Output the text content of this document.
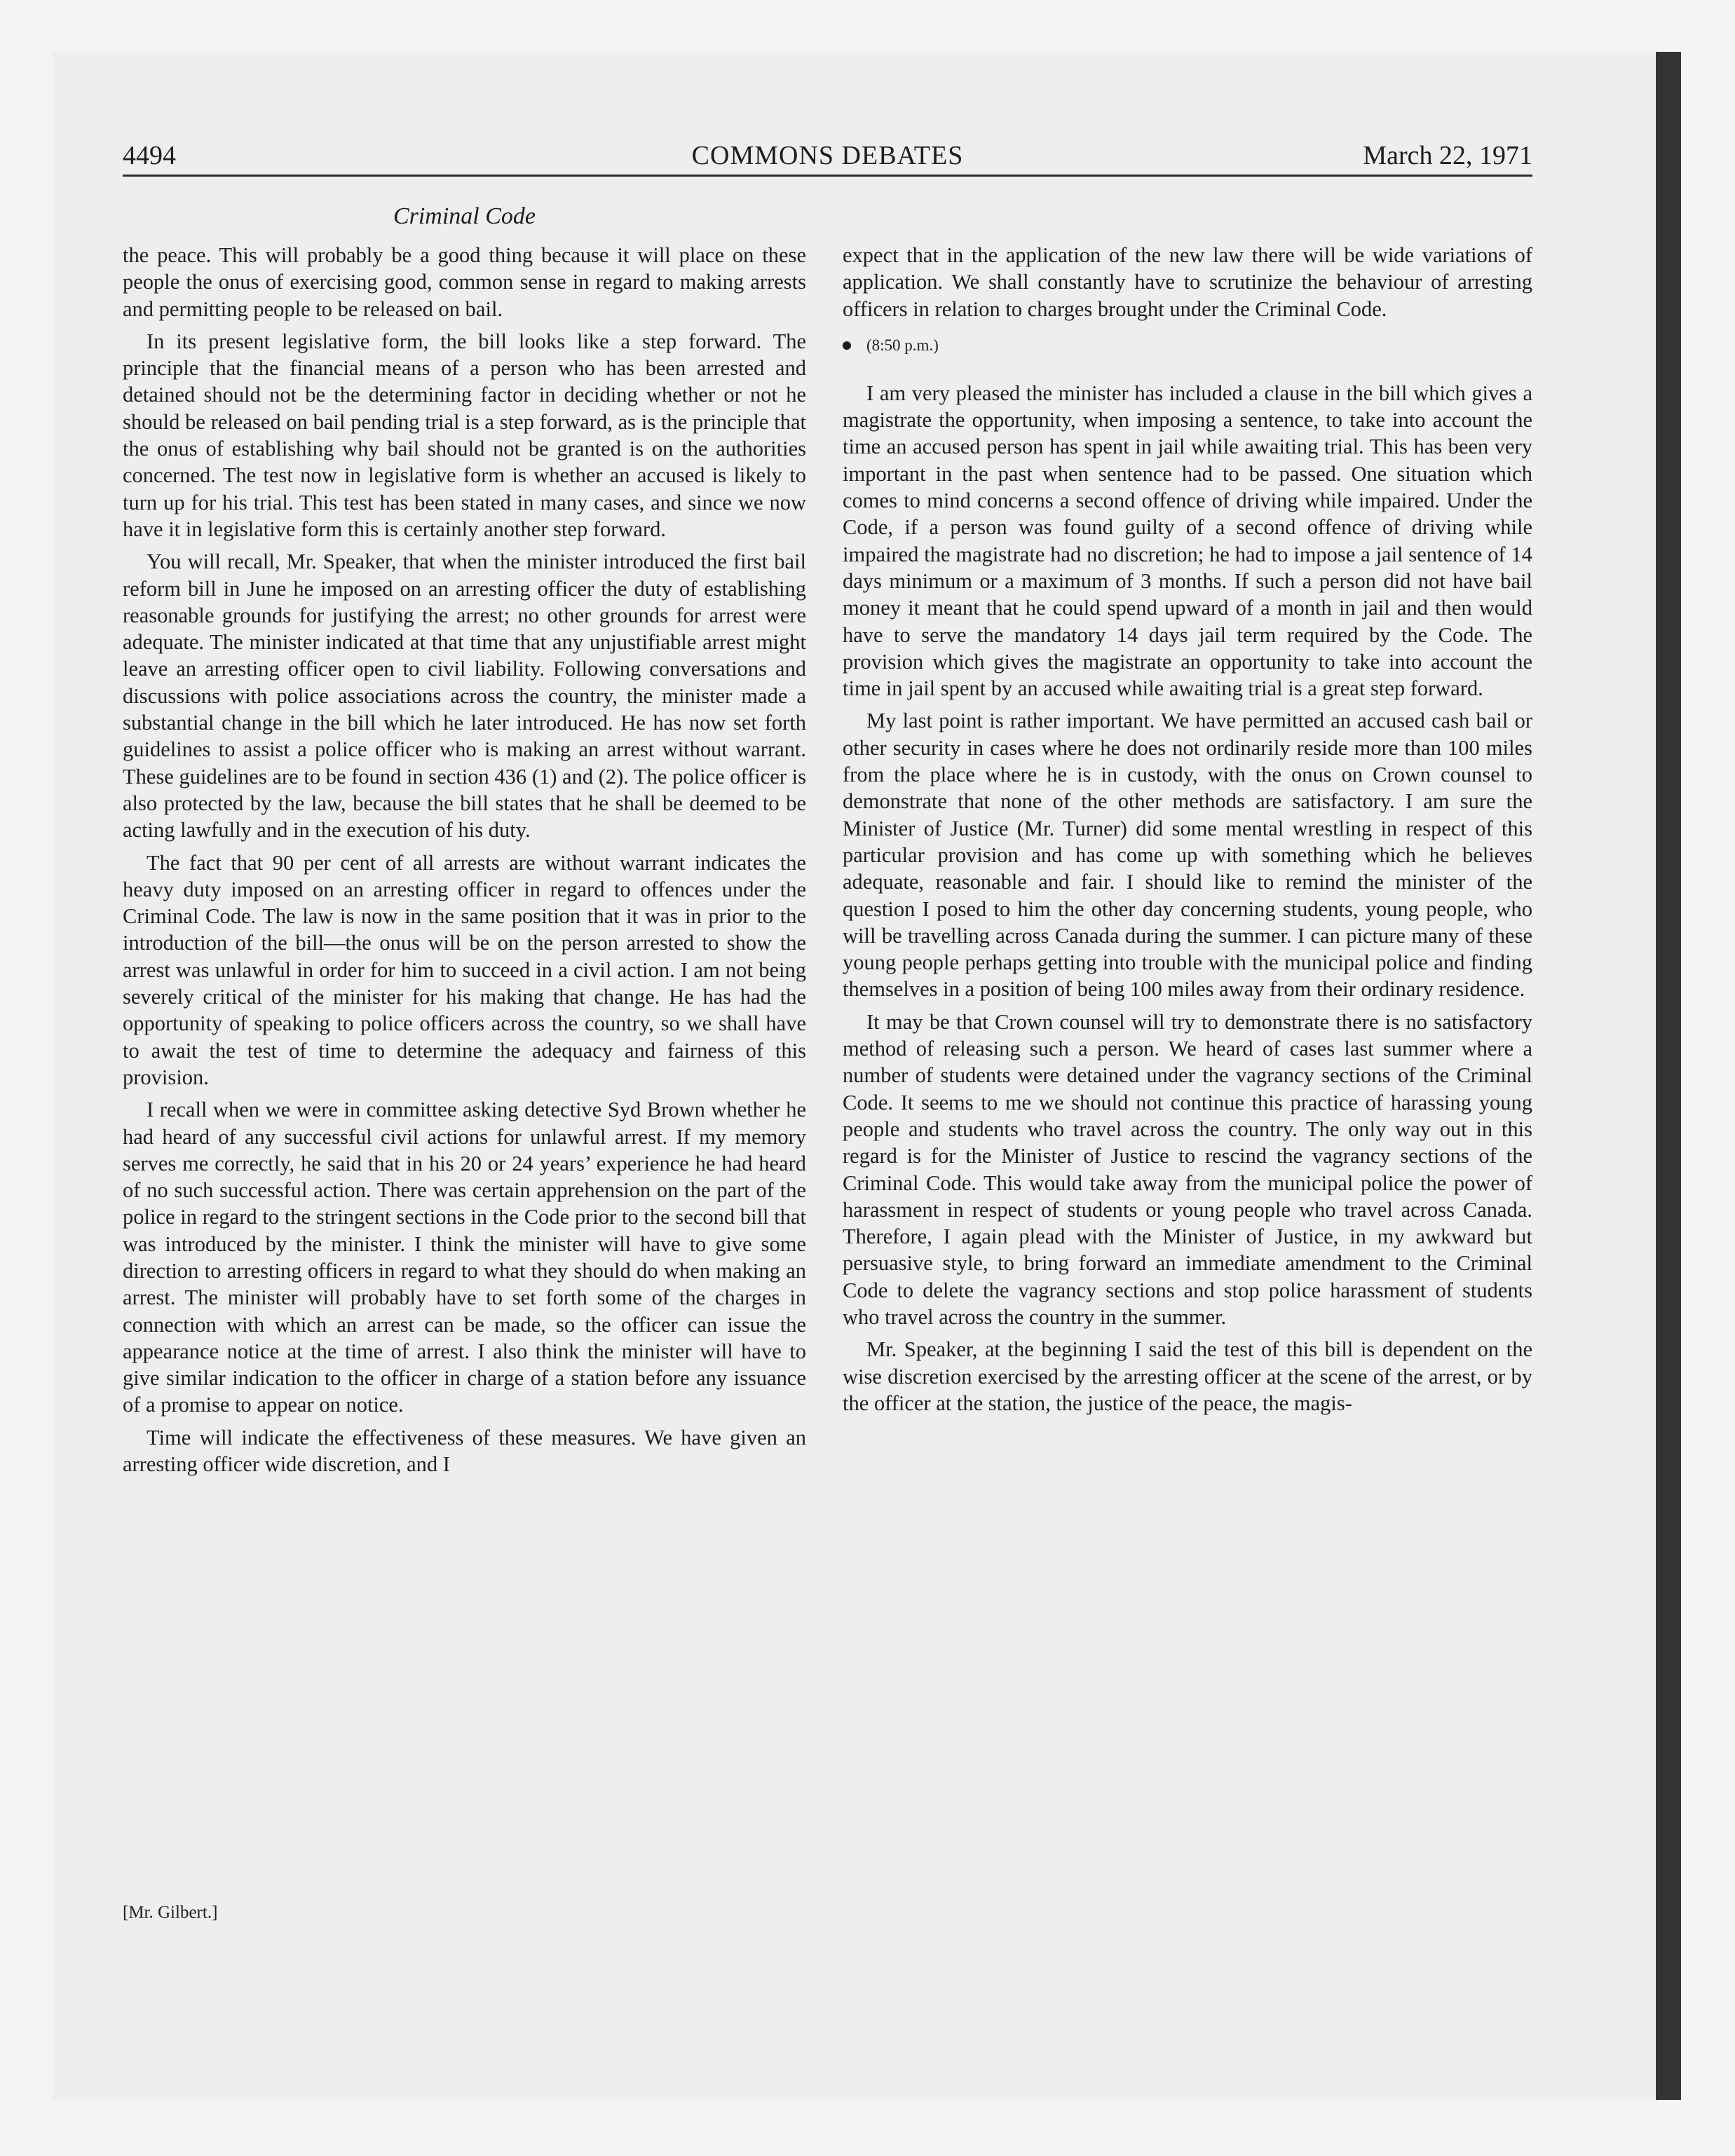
4494	COMMONS DEBATES	March 22, 1971
Criminal Code

the peace. This will probably be a good thing because it will place on these people the onus of exercising good, common sense in regard to making arrests and permitting people to be released on bail.

In its present legislative form, the bill looks like a step forward. The principle that the financial means of a person who has been arrested and detained should not be the determining factor in deciding whether or not he should be released on bail pending trial is a step forward, as is the principle that the onus of establishing why bail should not be granted is on the authorities concerned. The test now in legislative form is whether an accused is likely to turn up for his trial. This test has been stated in many cases, and since we now have it in legislative form this is certainly another step forward.

You will recall, Mr. Speaker, that when the minister introduced the first bail reform bill in June he imposed on an arresting officer the duty of establishing reasonable grounds for justifying the arrest; no other grounds for arrest were adequate. The minister indicated at that time that any unjustifiable arrest might leave an arresting officer open to civil liability. Following conversations and discussions with police associations across the country, the minister made a substantial change in the bill which he later introduced. He has now set forth guidelines to assist a police officer who is making an arrest without warrant. These guidelines are to be found in section 436 (1) and (2). The police officer is also protected by the law, because the bill states that he shall be deemed to be acting lawfully and in the execution of his duty.

The fact that 90 per cent of all arrests are without warrant indicates the heavy duty imposed on an arresting officer in regard to offences under the Criminal Code. The law is now in the same position that it was in prior to the introduction of the bill—the onus will be on the person arrested to show the arrest was unlawful in order for him to succeed in a civil action. I am not being severely critical of the minister for his making that change. He has had the opportunity of speaking to police officers across the country, so we shall have to await the test of time to determine the adequacy and fairness of this provision.

I recall when we were in committee asking detective Syd Brown whether he had heard of any successful civil actions for unlawful arrest. If my memory serves me correctly, he said that in his 20 or 24 years’ experience he had heard of no such successful action. There was certain apprehension on the part of the police in regard to the stringent sections in the Code prior to the second bill that was introduced by the minister. I think the minister will have to give some direction to arresting officers in regard to what they should do when making an arrest. The minister will probably have to set forth some of the charges in connection with which an arrest can be made, so the officer can issue the appearance notice at the time of arrest. I also think the minister will have to give similar indication to the officer in charge of a station before any issuance of a promise to appear on notice.

Time will indicate the effectiveness of these measures. We have given an arresting officer wide discretion, and I

[Mr. Gilbert.]

expect that in the application of the new law there will be wide variations of application. We shall constantly have to scrutinize the behaviour of arresting officers in relation to charges brought under the Criminal Code.

(8:50 p.m.)

I am very pleased the minister has included a clause in the bill which gives a magistrate the opportunity, when imposing a sentence, to take into account the time an accused person has spent in jail while awaiting trial. This has been very important in the past when sentence had to be passed. One situation which comes to mind concerns a second offence of driving while impaired. Under the Code, if a person was found guilty of a second offence of driving while impaired the magistrate had no discretion; he had to impose a jail sentence of 14 days minimum or a maximum of 3 months. If such a person did not have bail money it meant that he could spend upward of a month in jail and then would have to serve the mandatory 14 days jail term required by the Code. The provision which gives the magistrate an opportunity to take into account the time in jail spent by an accused while awaiting trial is a great step forward.

My last point is rather important. We have permitted an accused cash bail or other security in cases where he does not ordinarily reside more than 100 miles from the place where he is in custody, with the onus on Crown counsel to demonstrate that none of the other methods are satisfactory. I am sure the Minister of Justice (Mr. Turner) did some mental wrestling in respect of this particular provision and has come up with something which he believes adequate, reasonable and fair. I should like to remind the minister of the question I posed to him the other day concerning students, young people, who will be travelling across Canada during the summer. I can picture many of these young people perhaps getting into trouble with the municipal police and finding themselves in a position of being 100 miles away from their ordinary residence.

It may be that Crown counsel will try to demonstrate there is no satisfactory method of releasing such a person. We heard of cases last summer where a number of students were detained under the vagrancy sections of the Criminal Code. It seems to me we should not continue this practice of harassing young people and students who travel across the country. The only way out in this regard is for the Minister of Justice to rescind the vagrancy sections of the Criminal Code. This would take away from the municipal police the power of harassment in respect of students or young people who travel across Canada. Therefore, I again plead with the Minister of Justice, in my awkward but persuasive style, to bring forward an immediate amendment to the Criminal Code to delete the vagrancy sections and stop police harassment of students who travel across the country in the summer.

Mr. Speaker, at the beginning I said the test of this bill is dependent on the wise discretion exercised by the arresting officer at the scene of the arrest, or by the officer at the station, the justice of the peace, the magis-
